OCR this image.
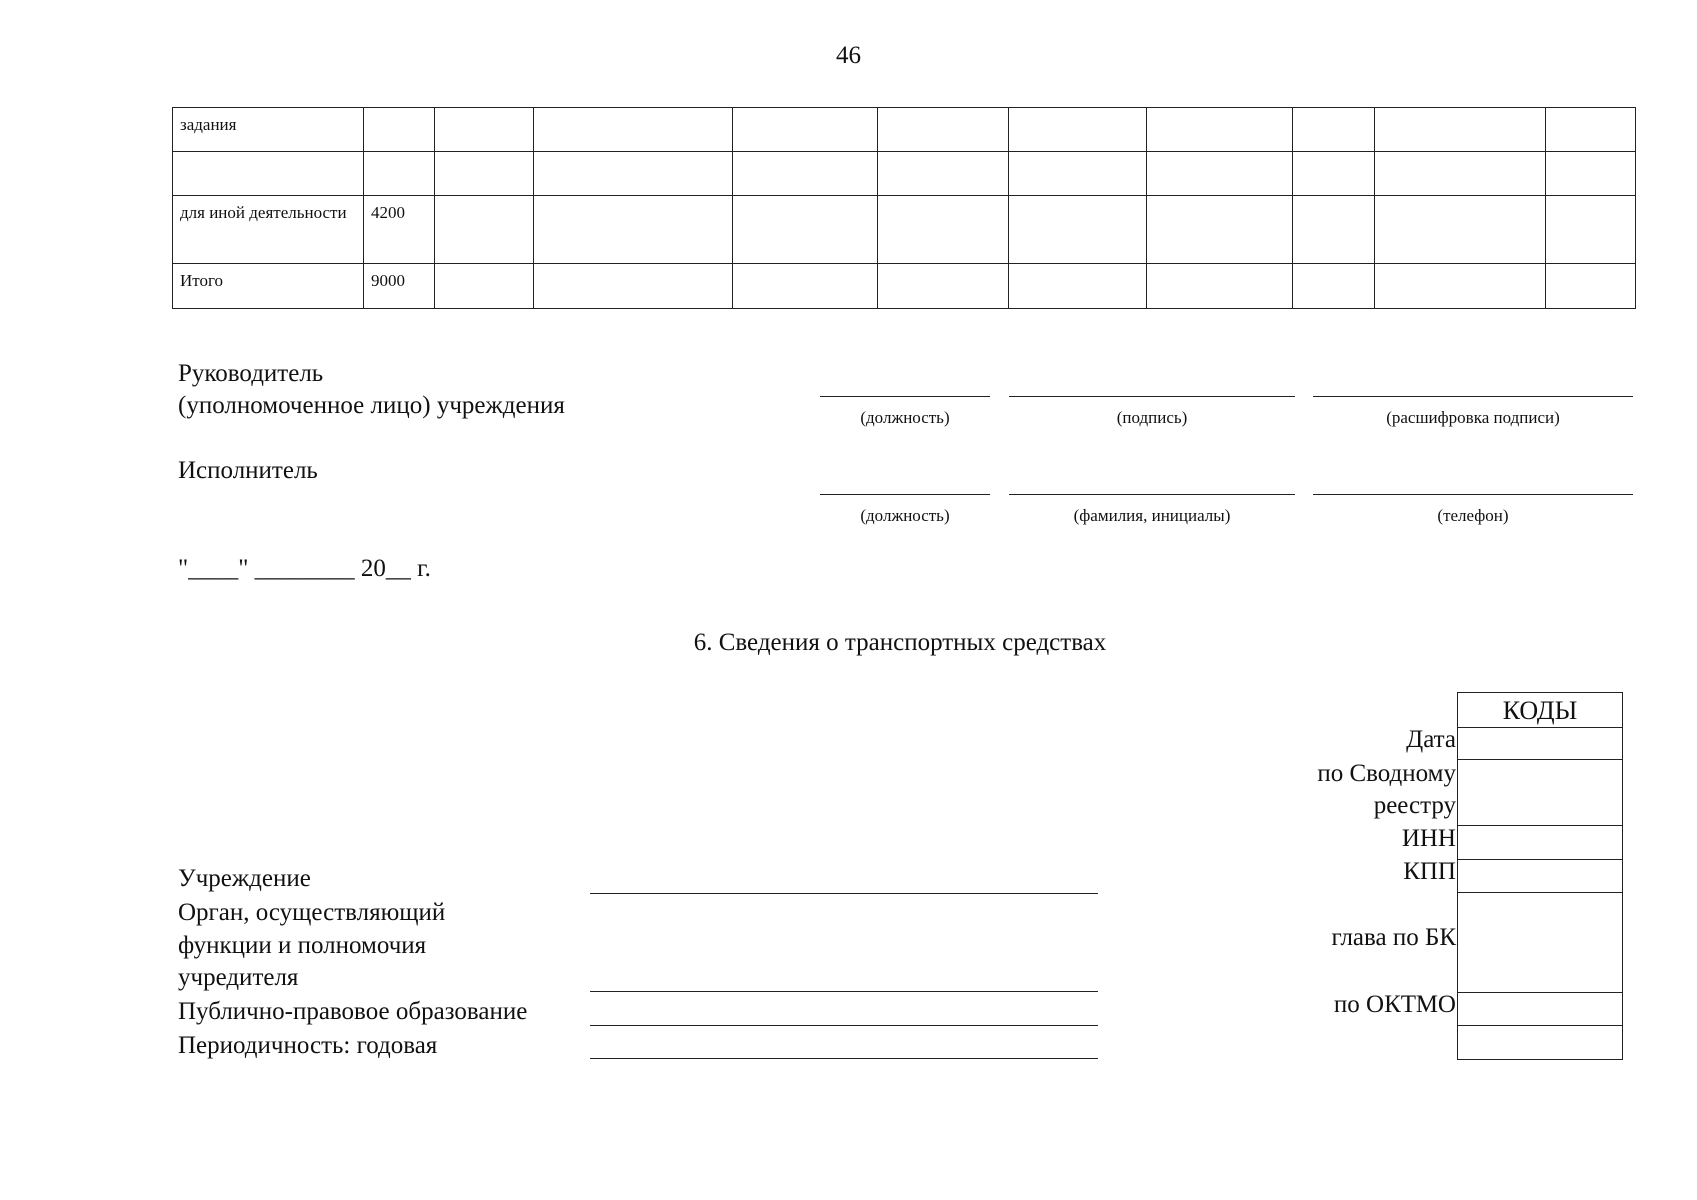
46
задания										

для иной деятельности	4200									
Итого	9000									
Руководитель
(уполномоченное лицо) учреждения	(должность)	(подпись)	(расшифровка подписи)
Исполнитель
(должность)	(фамилия, инициалы)	(телефон)
"____" ________ 20__ г.
6. Сведения о транспортных средствах
КОДЫ
Дата
по Сводному
реестру
ИНН
КПП
глава по БК
по ОКТМО
Учреждение
Орган, осуществляющий
функции и полномочия
учредителя
Публично-правовое образование
Периодичность: годовая
